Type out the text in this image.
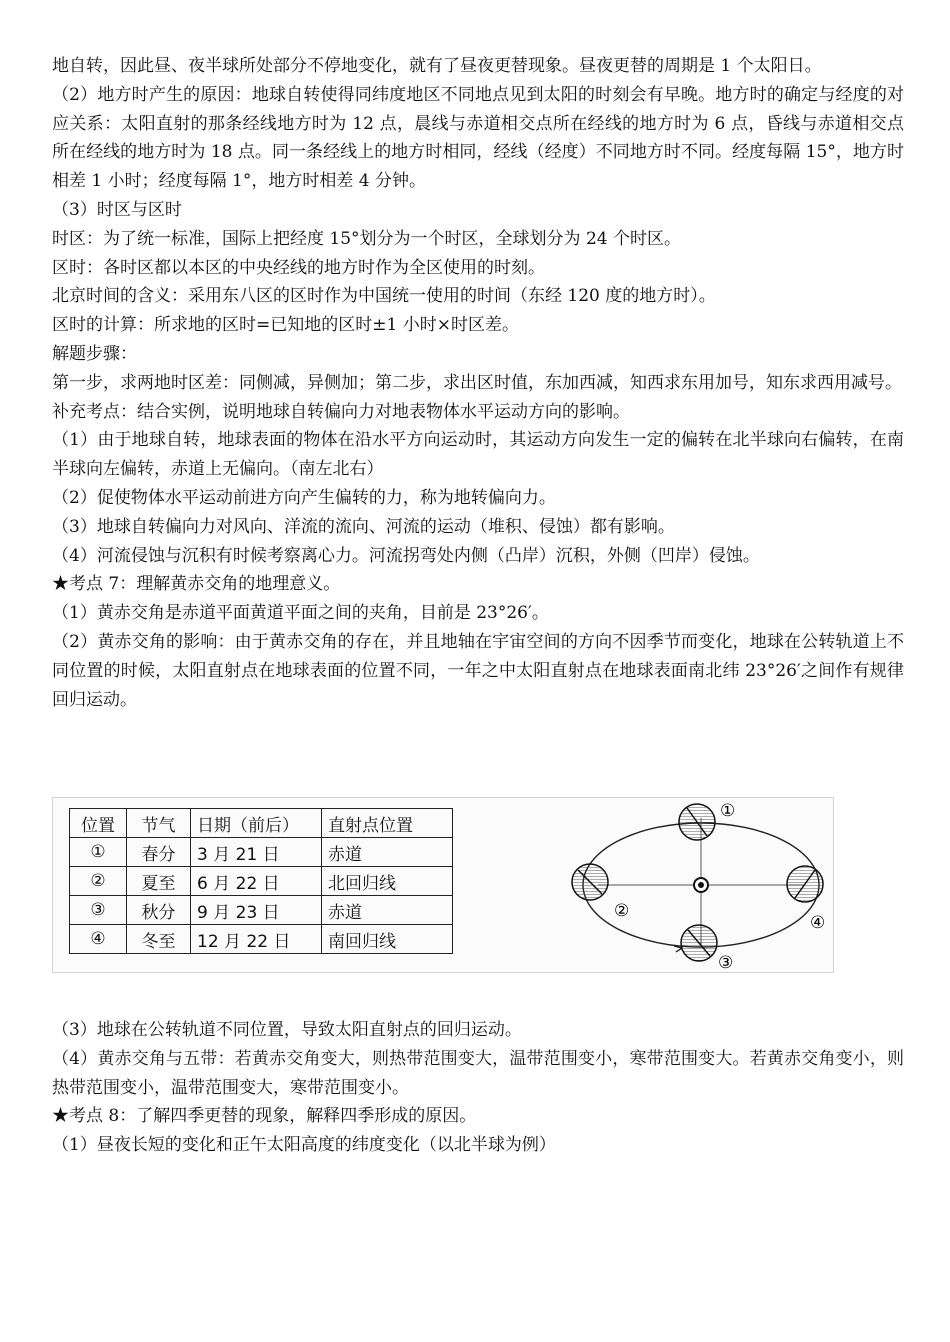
地自转，因此昼、夜半球所处部分不停地变化，就有了昼夜更替现象。昼夜更替的周期是 1 个太阳日。

（2）地方时产生的原因：地球自转使得同纬度地区不同地点见到太阳的时刻会有早晚。地方时的确定与经度的对应关系：太阳直射的那条经线地方时为 12 点，晨线与赤道相交点所在经线的地方时为 6 点，昏线与赤道相交点所在经线的地方时为 18 点。同一条经线上的地方时相同，经线（经度）不同地方时不同。经度每隔 15°，地方时相差 1 小时；经度每隔 1°，地方时相差 4 分钟。

（3）时区与区时

时区：为了统一标准，国际上把经度 15°划分为一个时区，全球划分为 24 个时区。

区时：各时区都以本区的中央经线的地方时作为全区使用的时刻。

北京时间的含义：采用东八区的区时作为中国统一使用的时间（东经 120 度的地方时）。

区时的计算：所求地的区时=已知地的区时±1 小时×时区差。

解题步骤：

第一步，求两地时区差：同侧减，异侧加；第二步，求出区时值，东加西减，知西求东用加号，知东求西用减号。

补充考点：结合实例，说明地球自转偏向力对地表物体水平运动方向的影响。

（1）由于地球自转，地球表面的物体在沿水平方向运动时，其运动方向发生一定的偏转在北半球向右偏转，在南半球向左偏转，赤道上无偏向。（南左北右）

（2）促使物体水平运动前进方向产生偏转的力，称为地转偏向力。

（3）地球自转偏向力对风向、洋流的流向、河流的运动（堆积、侵蚀）都有影响。

（4）河流侵蚀与沉积有时候考察离心力。河流拐弯处内侧（凸岸）沉积，外侧（凹岸）侵蚀。

★考点 7：理解黄赤交角的地理意义。

（1）黄赤交角是赤道平面黄道平面之间的夹角，目前是 23°26′。

（2）黄赤交角的影响：由于黄赤交角的存在，并且地轴在宇宙空间的方向不因季节而变化，地球在公转轨道上不同位置的时候，太阳直射点在地球表面的位置不同，一年之中太阳直射点在地球表面南北纬 23°26′之间作有规律回归运动。

位置	节气	日期（前后）	直射点位置
①	春分	3 月 21 日	赤道
②	夏至	6 月 22 日	北回归线
③	秋分	9 月 23 日	赤道
④	冬至	12 月 22 日	南回归线
①
②
③
④

（3）地球在公转轨道不同位置，导致太阳直射点的回归运动。

（4）黄赤交角与五带：若黄赤交角变大，则热带范围变大，温带范围变小，寒带范围变大。若黄赤交角变小，则热带范围变小，温带范围变大，寒带范围变小。

★考点 8：了解四季更替的现象，解释四季形成的原因。

（1）昼夜长短的变化和正午太阳高度的纬度变化（以北半球为例）
